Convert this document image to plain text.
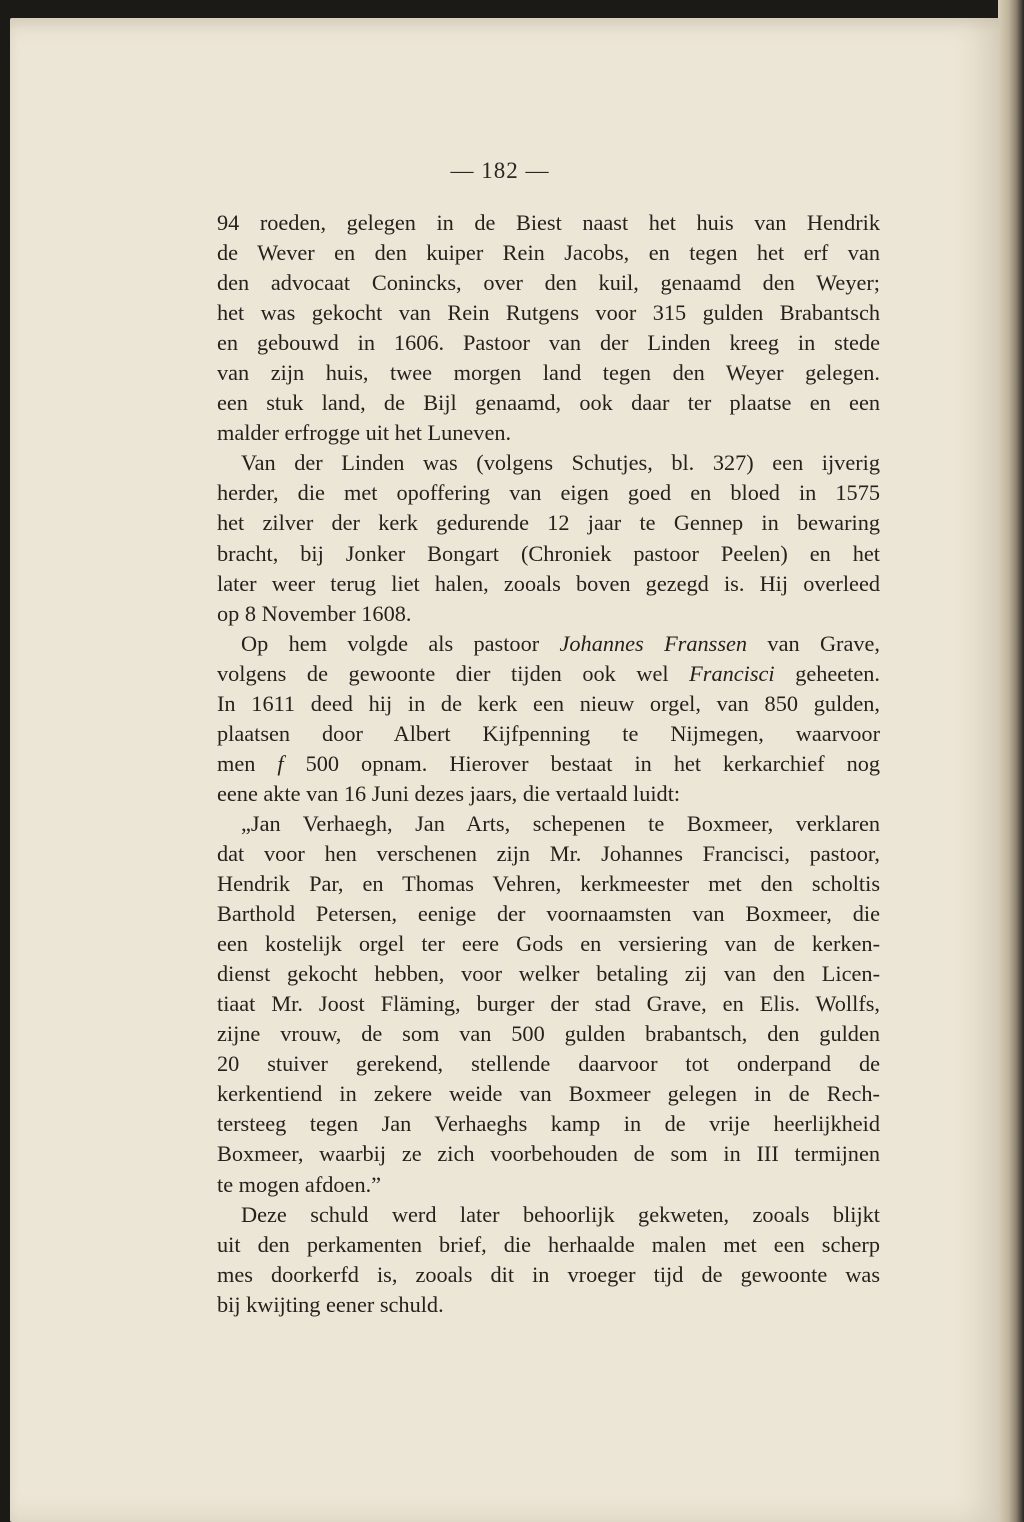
— 182 —
94 roeden, gelegen in de Biest naast het huis van Hendrik
de Wever en den kuiper Rein Jacobs, en tegen het erf van
den advocaat Conincks, over den kuil, genaamd den Weyer;
het was gekocht van Rein Rutgens voor 315 gulden Brabantsch
en gebouwd in 1606. Pastoor van der Linden kreeg in stede
van zijn huis, twee morgen land tegen den Weyer gelegen.
een stuk land, de Bijl genaamd, ook daar ter plaatse en een
malder erfrogge uit het Luneven.
Van der Linden was (volgens Schutjes, bl. 327) een ijverig
herder, die met opoffering van eigen goed en bloed in 1575
het zilver der kerk gedurende 12 jaar te Gennep in bewaring
bracht, bij Jonker Bongart (Chroniek pastoor Peelen) en het
later weer terug liet halen, zooals boven gezegd is. Hij overleed
op 8 November 1608.
Op hem volgde als pastoor Johannes Franssen van Grave,
volgens de gewoonte dier tijden ook wel Francisci geheeten.
In 1611 deed hij in de kerk een nieuw orgel, van 850 gulden,
plaatsen door Albert Kijfpenning te Nijmegen, waarvoor
men f 500 opnam. Hierover bestaat in het kerkarchief nog
eene akte van 16 Juni dezes jaars, die vertaald luidt:
„Jan Verhaegh, Jan Arts, schepenen te Boxmeer, verklaren
dat voor hen verschenen zijn Mr. Johannes Francisci, pastoor,
Hendrik Par, en Thomas Vehren, kerkmeester met den scholtis
Barthold Petersen, eenige der voornaamsten van Boxmeer, die
een kostelijk orgel ter eere Gods en versiering van de kerken-
dienst gekocht hebben, voor welker betaling zij van den Licen-
tiaat Mr. Joost Fläming, burger der stad Grave, en Elis. Wollfs,
zijne vrouw, de som van 500 gulden brabantsch, den gulden
20 stuiver gerekend, stellende daarvoor tot onderpand de
kerkentiend in zekere weide van Boxmeer gelegen in de Rech-
tersteeg tegen Jan Verhaeghs kamp in de vrije heerlijkheid
Boxmeer, waarbij ze zich voorbehouden de som in III termijnen
te mogen afdoen.”
Deze schuld werd later behoorlijk gekweten, zooals blijkt
uit den perkamenten brief, die herhaalde malen met een scherp
mes doorkerfd is, zooals dit in vroeger tijd de gewoonte was
bij kwijting eener schuld.
